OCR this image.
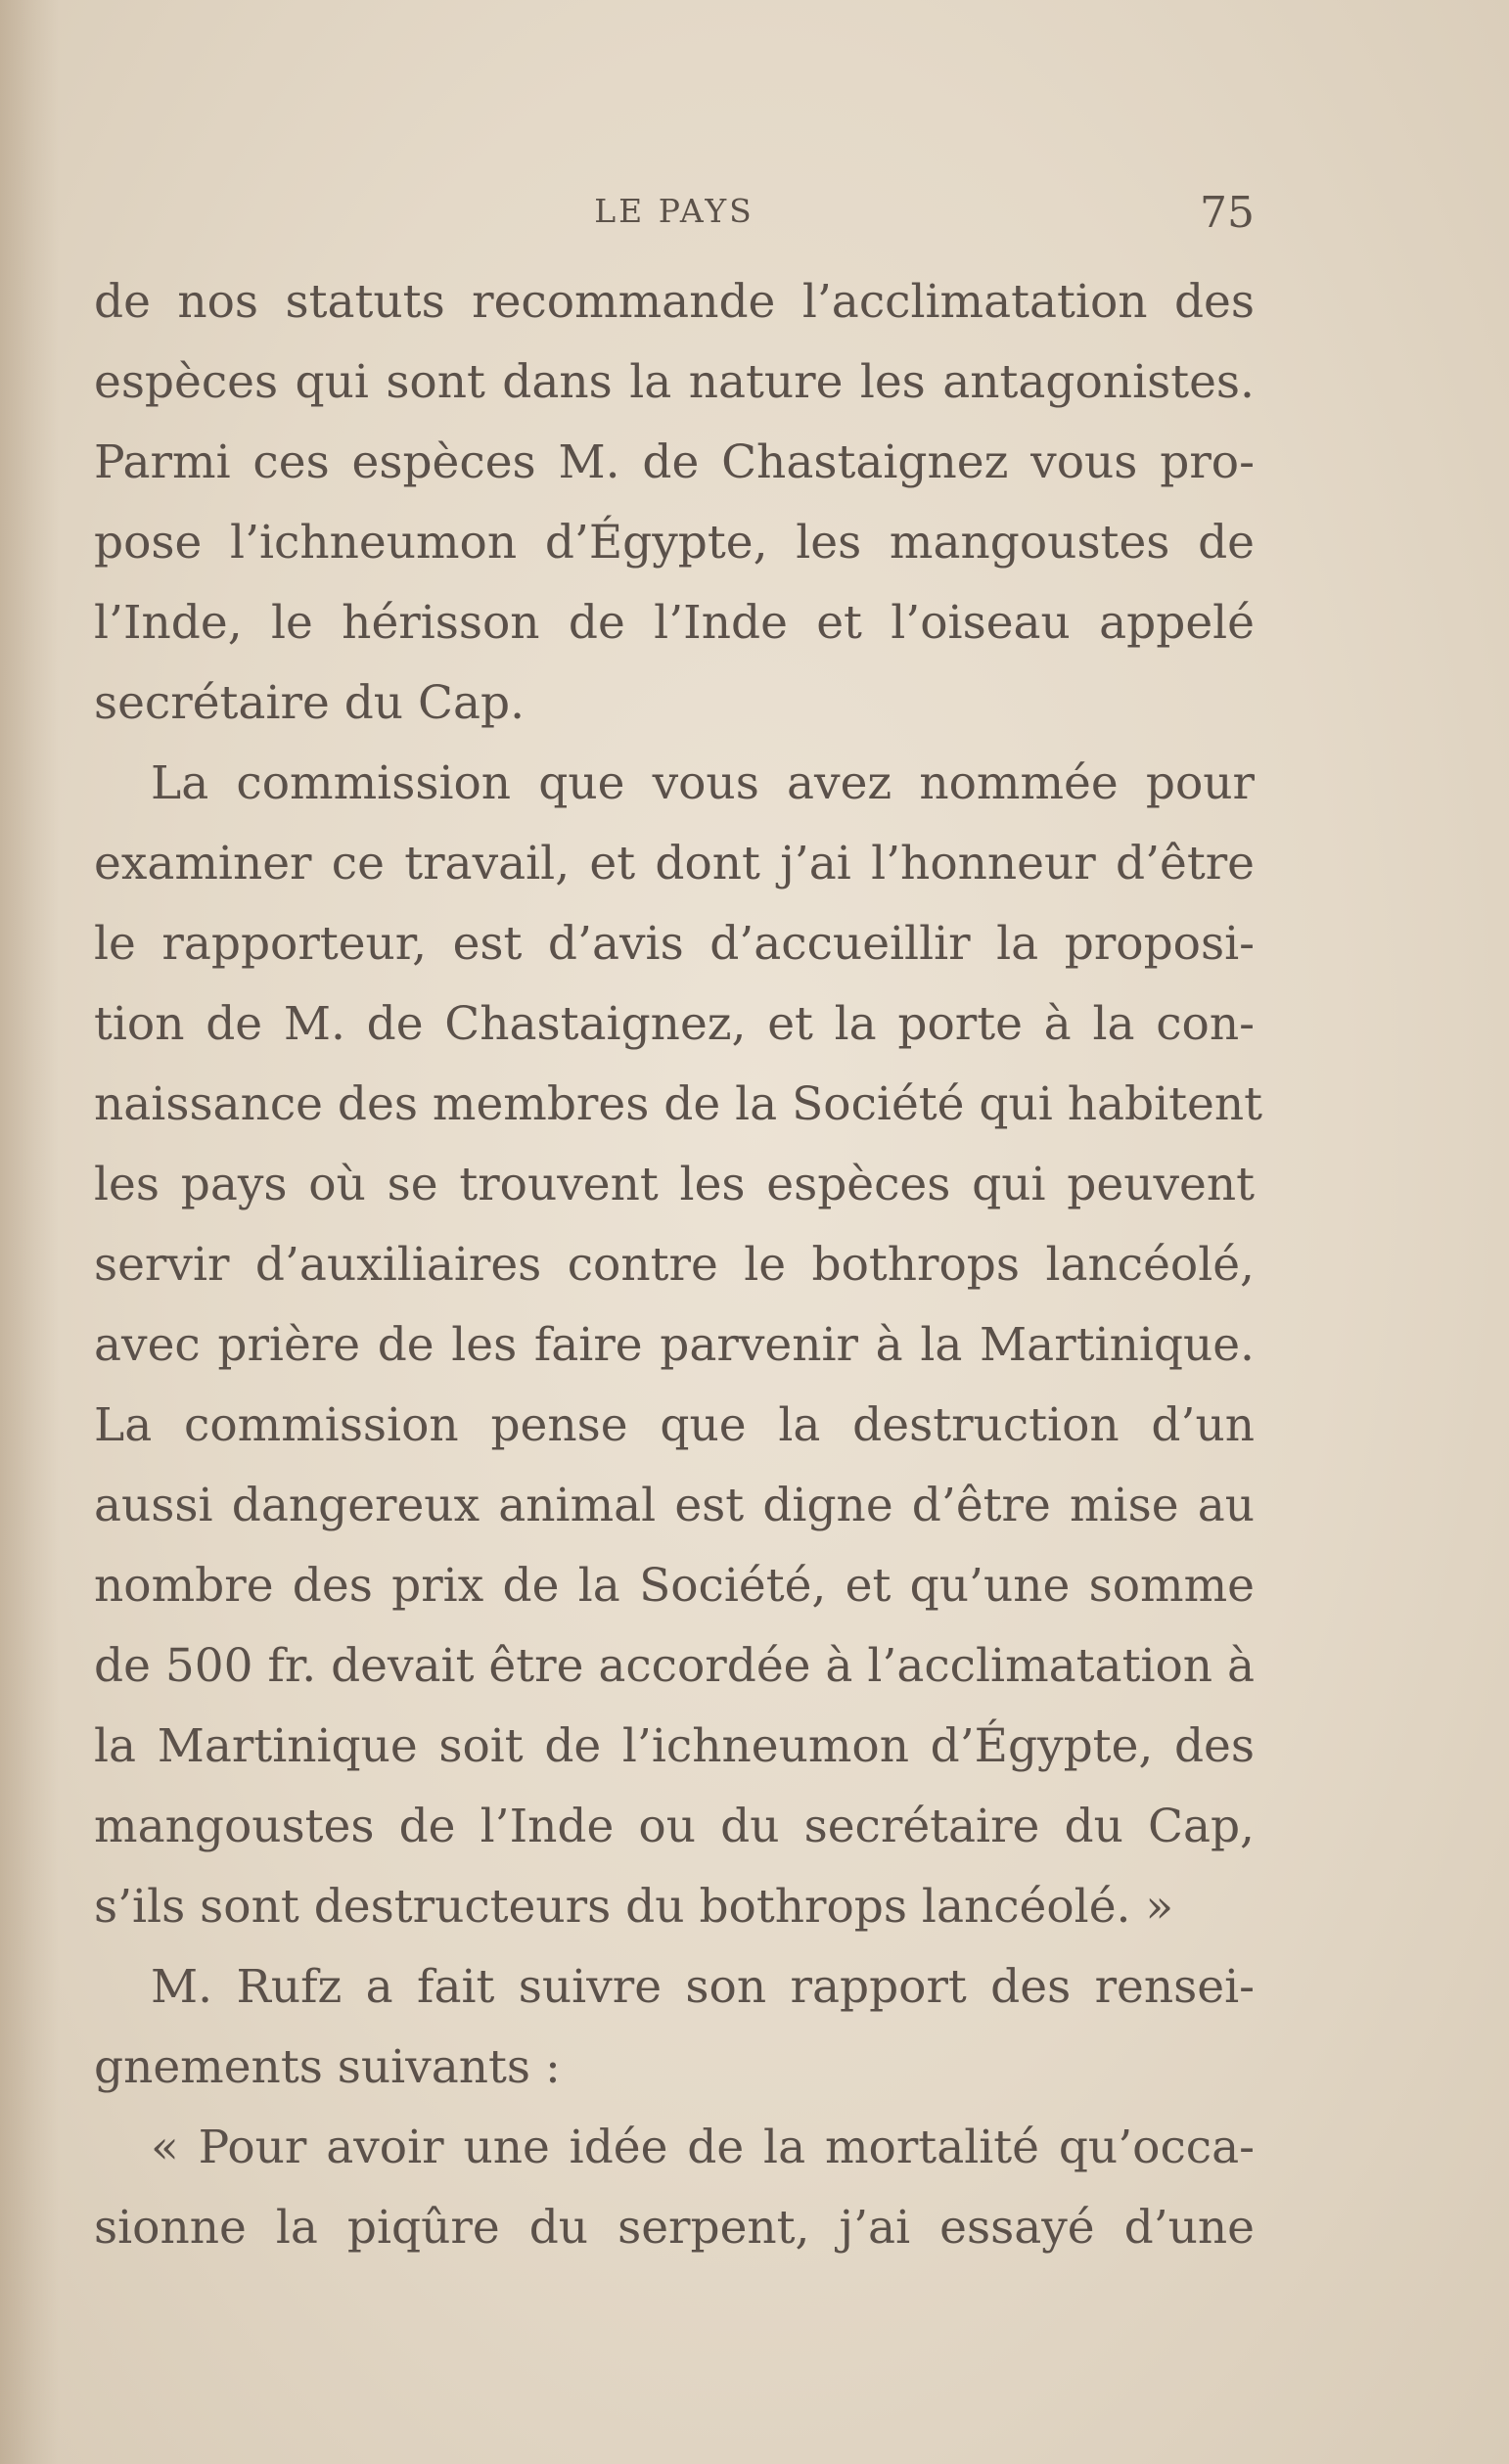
LE PAYS	75
de nos statuts recommande l’acclimatation des
espèces qui sont dans la nature les antagonistes.
Parmi ces espèces M. de Chastaignez vous pro-
pose l’ichneumon d’Égypte, les mangoustes de
l’Inde, le hérisson de l’Inde et l’oiseau appelé
secrétaire du Cap.
La commission que vous avez nommée pour
examiner ce travail, et dont j’ai l’honneur d’être
le rapporteur, est d’avis d’accueillir la proposi-
tion de M. de Chastaignez, et la porte à la con-
naissance des membres de la Société qui habitent
les pays où se trouvent les espèces qui peuvent
servir d’auxiliaires contre le bothrops lancéolé,
avec prière de les faire parvenir à la Martinique.
La commission pense que la destruction d’un
aussi dangereux animal est digne d’être mise au
nombre des prix de la Société, et qu’une somme
de 500 fr. devait être accordée à l’acclimatation à
la Martinique soit de l’ichneumon d’Égypte, des
mangoustes de l’Inde ou du secrétaire du Cap,
s’ils sont destructeurs du bothrops lancéolé. »
M. Rufz a fait suivre son rapport des rensei-
gnements suivants :
« Pour avoir une idée de la mortalité qu’occa-
sionne la piqûre du serpent, j’ai essayé d’une
